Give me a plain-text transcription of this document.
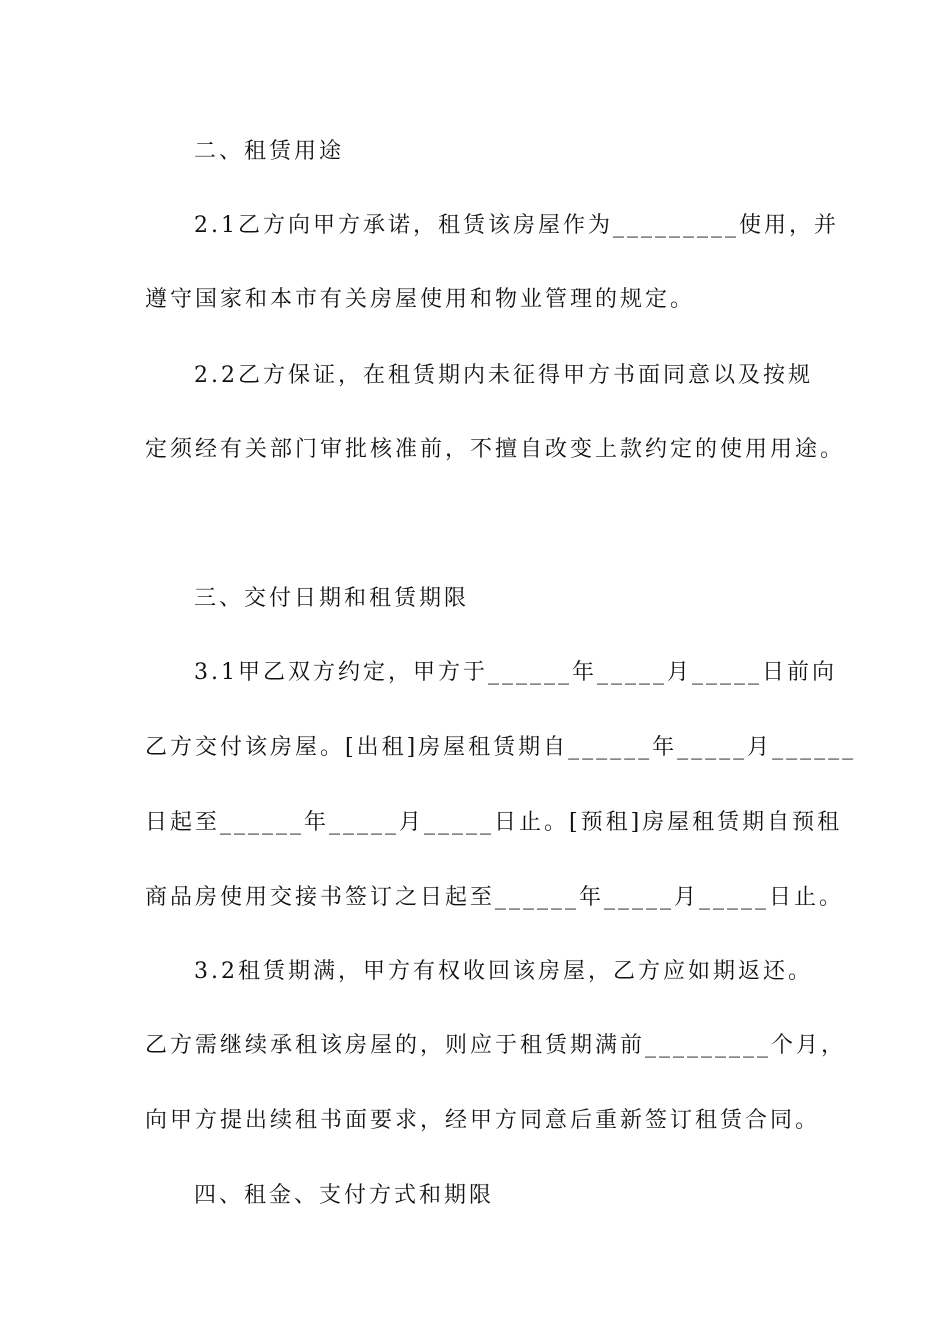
二、租赁用途
2.1乙方向甲方承诺，租赁该房屋作为_________使用，并
遵守国家和本市有关房屋使用和物业管理的规定。
2.2乙方保证，在租赁期内未征得甲方书面同意以及按规
定须经有关部门审批核准前，不擅自改变上款约定的使用用途。
三、交付日期和租赁期限
3.1甲乙双方约定，甲方于______年_____月_____日前向
乙方交付该房屋。[出租]房屋租赁期自______年_____月______
日起至______年_____月_____日止。[预租]房屋租赁期自预租
商品房使用交接书签订之日起至______年_____月_____日止。
3.2租赁期满，甲方有权收回该房屋，乙方应如期返还。
乙方需继续承租该房屋的，则应于租赁期满前_________个月，
向甲方提出续租书面要求，经甲方同意后重新签订租赁合同。
四、租金、支付方式和期限
